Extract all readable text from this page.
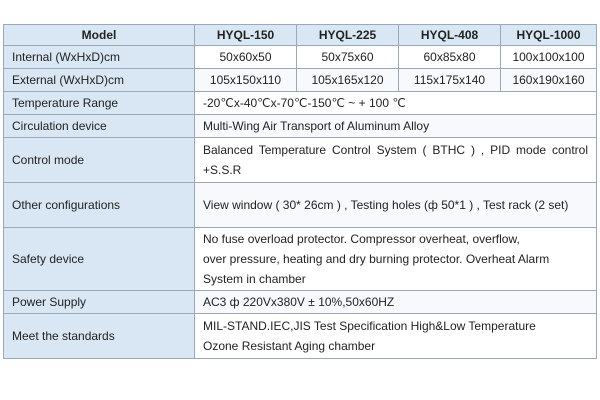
Model	HYQL-150	HYQL-225	HYQL-408	HYQL-1000
Internal (WxHxD)cm	50x60x50	50x75x60	60x85x80	100x100x100
External (WxHxD)cm	105x150x110	105x165x120	115x175x140	160x190x160
Temperature Range	-20℃x-40℃x-70℃-150℃ ~ + 100 ℃			
Circulation device	Multi-Wing Air Transport of Aluminum Alloy			
Control mode	Balanced Temperature Control System ( BTHC ) , PID mode control +S.S.R			
Other configurations	View window ( 30* 26cm ) , Testing holes (ф 50*1 ) , Test rack (2 set)			
Safety device	No fuse overload protector. Compressor overheat, overflow,
over pressure, heating and dry burning protector. Overheat Alarm
System in chamber			

Power Supply	AC3 ф 220Vx380V ± 10%,50x60HZ			
Meet the standards	MIL-STAND.IEC,JIS Test Specification High&Low Temperature
Ozone Resistant Aging chamber			
